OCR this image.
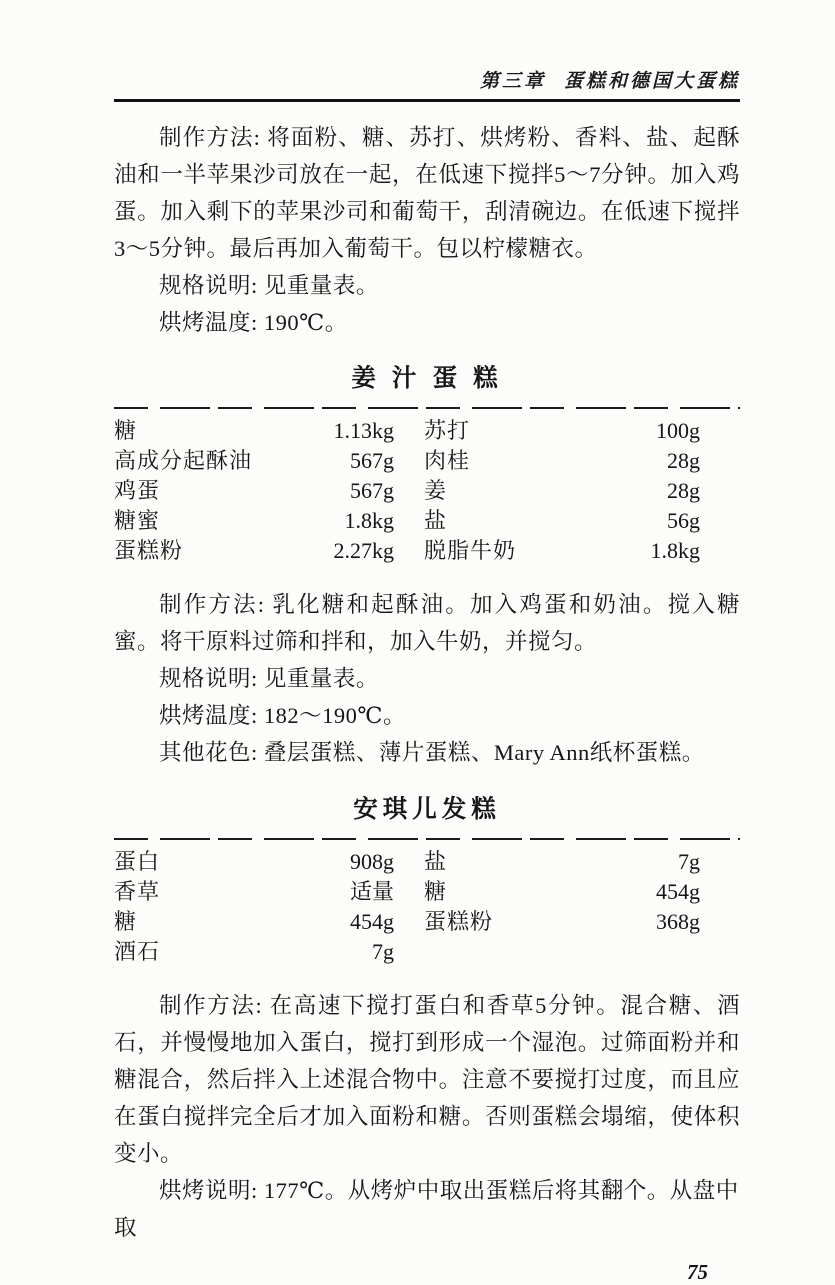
第三章 蛋糕和德国大蛋糕

制作方法: 将面粉、糖、苏打、烘烤粉、香料、盐、起酥油和一半苹果沙司放在一起，在低速下搅拌5～7分钟。加入鸡蛋。加入剩下的苹果沙司和葡萄干，刮清碗边。在低速下搅拌3～5分钟。最后再加入葡萄干。包以柠檬糖衣。

规格说明: 见重量表。

烘烤温度: 190℃。

姜 汁 蛋 糕
糖	1.13kg 苏打	100g
高成分起酥油	567g 肉桂	28g
鸡蛋	567g 姜	28g
糖蜜	1.8kg 盐	56g
蛋糕粉	2.27kg 脱脂牛奶	1.8kg

制作方法: 乳化糖和起酥油。加入鸡蛋和奶油。搅入糖蜜。将干原料过筛和拌和，加入牛奶，并搅匀。

规格说明: 见重量表。

烘烤温度: 182～190℃。

其他花色: 叠层蛋糕、薄片蛋糕、Mary Ann纸杯蛋糕。

安琪儿发糕
蛋白	908g 盐	7g
香草	适量 糖	454g
糖	454g 蛋糕粉	368g
酒石	7g

制作方法: 在高速下搅打蛋白和香草5分钟。混合糖、酒石，并慢慢地加入蛋白，搅打到形成一个湿泡。过筛面粉并和糖混合，然后拌入上述混合物中。注意不要搅打过度，而且应在蛋白搅拌完全后才加入面粉和糖。否则蛋糕会塌缩，使体积变小。

烘烤说明: 177℃。从烤炉中取出蛋糕后将其翻个。从盘中取

75
